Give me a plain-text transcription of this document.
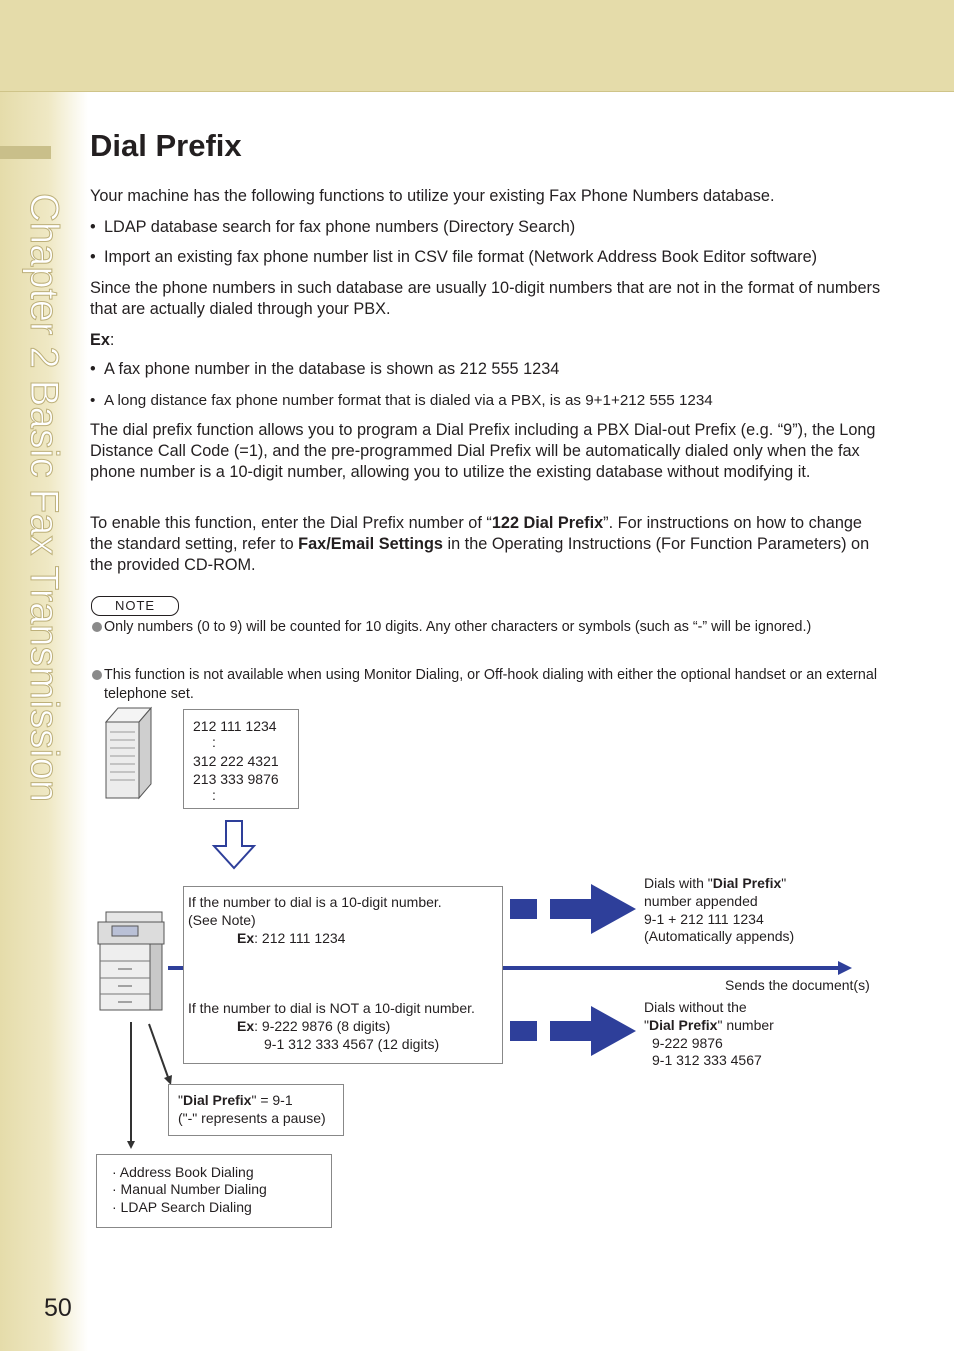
Chapter 2 Basic Fax Transmission
50
Dial Prefix

Your machine has the following functions to utilize your existing Fax Phone Numbers database.

• LDAP database search for fax phone numbers (Directory Search)
• Import an existing fax phone number list in CSV file format (Network Address Book Editor software)

Since the phone numbers in such database are usually 10-digit numbers that are not in the format of numbers that are actually dialed through your PBX.

Ex:
• A fax phone number in the database is shown as 212 555 1234
• A long distance fax phone number format that is dialed via a PBX, is as 9+1+212 555 1234

The dial prefix function allows you to program a Dial Prefix including a PBX Dial-out Prefix (e.g. “9”), the Long Distance Call Code (=1), and the pre-programmed Dial Prefix will be automatically dialed only when the fax phone number is a 10-digit number, allowing you to utilize the existing database without modifying it.

To enable this function, enter the Dial Prefix number of “122 Dial Prefix”. For instructions on how to change the standard setting, refer to Fax/Email Settings in the Operating Instructions (For Function Parameters) on the provided CD-ROM.

NOTE
Only numbers (0 to 9) will be counted for 10 digits. Any other characters or symbols (such as “-” will be ignored.)
This function is not available when using Monitor Dialing, or Off-hook dialing with either the optional handset or an external telephone set.
212 111 1234
:
312 222 4321
213 333 9876
:
If the number to dial is a 10-digit number.
(See Note)
Ex: 212 111 1234
If the number to dial is NOT a 10-digit number.
Ex: 9-222 9876 (8 digits)
9-1 312 333 4567 (12 digits)
Dials with "Dial Prefix"
number appended
9-1 + 212 111 1234
(Automatically appends)
Sends the document(s)
Dials without the
"Dial Prefix" number
9-222 9876
9-1 312 333 4567
"Dial Prefix" = 9-1
("-" represents a pause)
· Address Book Dialing
· Manual Number Dialing
· LDAP Search Dialing
